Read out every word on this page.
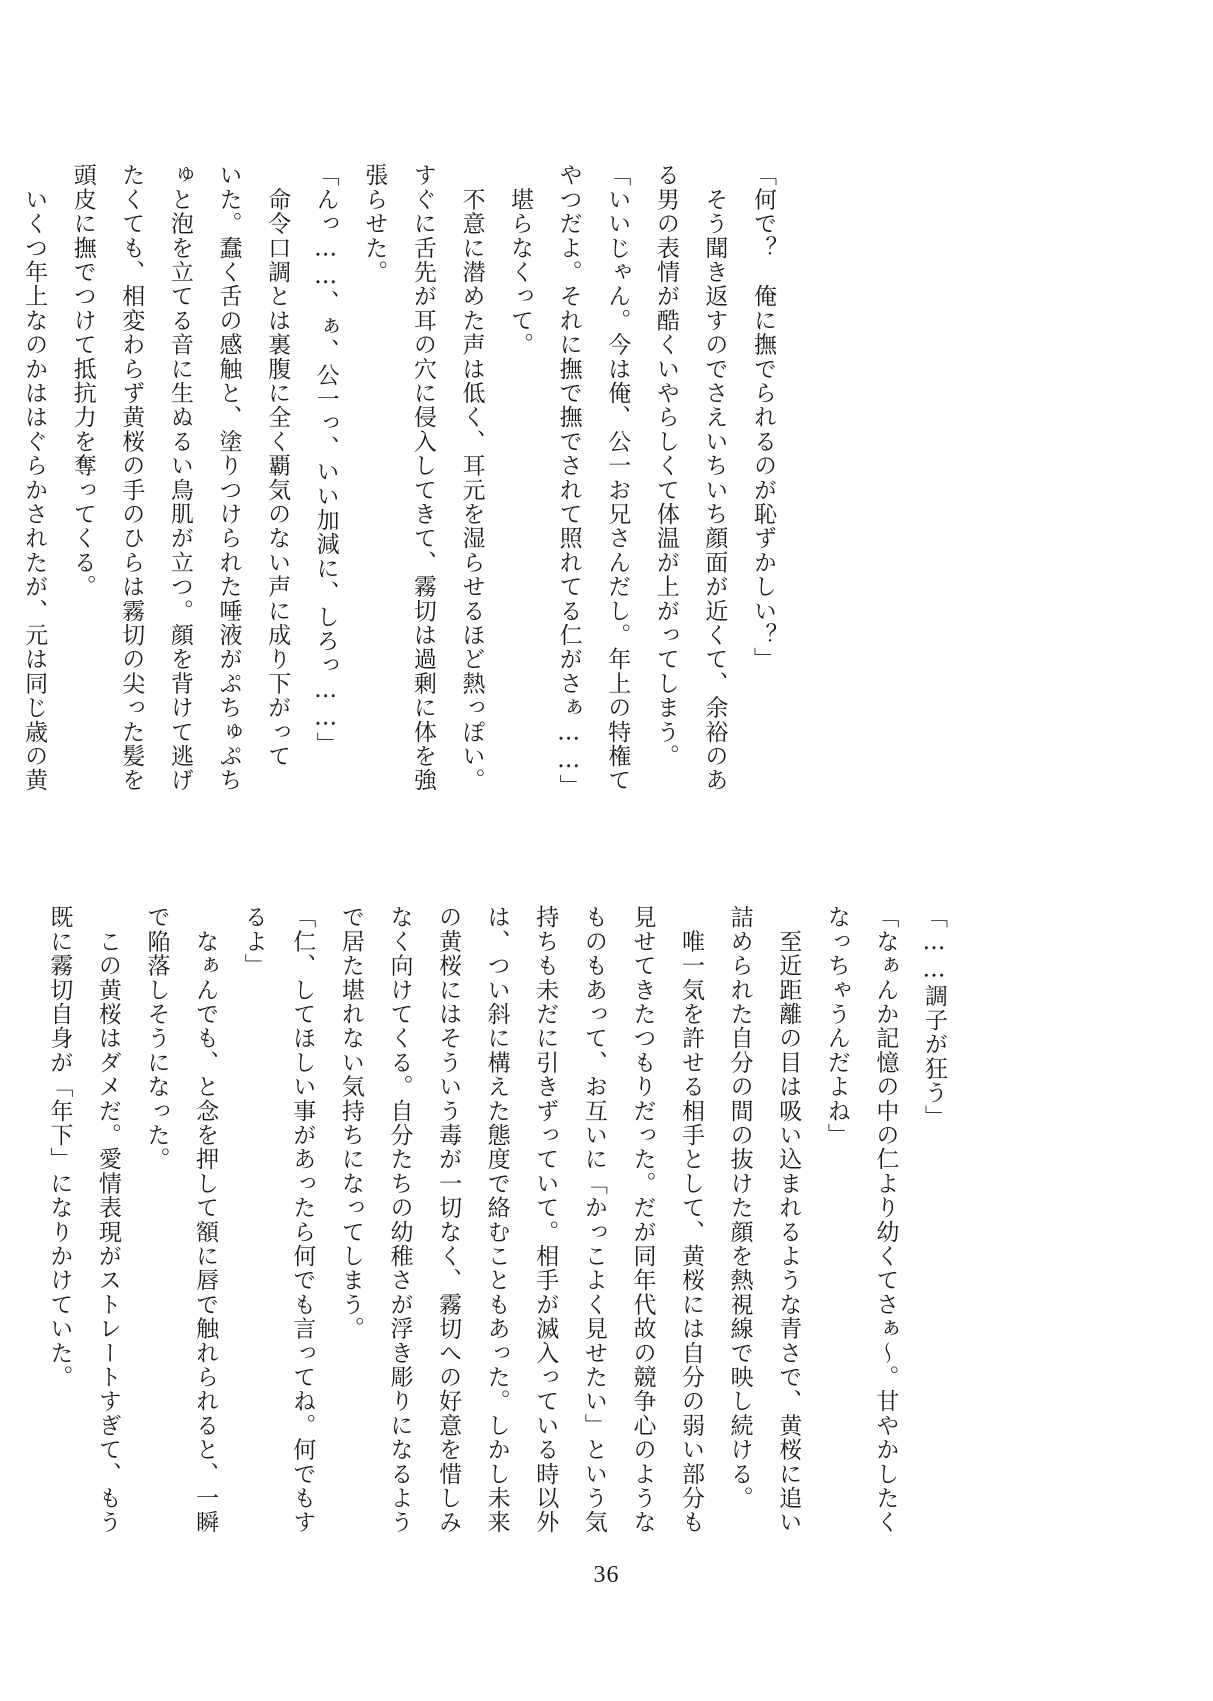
「何で？　俺に撫でられるのが恥ずかしい？」
　そう聞き返すのでさえいちいち顔面が近くて、余裕のあ
る男の表情が酷くいやらしくて体温が上がってしまう。
「いいじゃん。今は俺、公一お兄さんだし。年上の特権て
やつだよ。それに撫で撫でされて照れてる仁がさぁ……」
　堪らなくって。
　不意に潜めた声は低く、耳元を湿らせるほど熱っぽい。
すぐに舌先が耳の穴に侵入してきて、霧切は過剰に体を強
張らせた。
「んっ……、ぁ、公一っ、いい加減に、しろっ……」
　命令口調とは裏腹に全く覇気のない声に成り下がって
いた。蠢く舌の感触と、塗りつけられた唾液がぷちゅぷち
ゅと泡を立てる音に生ぬるい鳥肌が立つ。顔を背けて逃げ
たくても、相変わらず黄桜の手のひらは霧切の尖った髪を
頭皮に撫でつけて抵抗力を奪ってくる。
　いくつ年上なのかははぐらかされたが、元は同じ歳の黄
「……調子が狂う」
「なぁんか記憶の中の仁より幼くてさぁ～。甘やかしたく
なっちゃうんだよね」
　至近距離の目は吸い込まれるような青さで、黄桜に追い
詰められた自分の間の抜けた顔を熱視線で映し続ける。
　唯一気を許せる相手として、黄桜には自分の弱い部分も
見せてきたつもりだった。だが同年代故の競争心のような
ものもあって、お互いに「かっこよく見せたい」という気
持ちも未だに引きずっていて。相手が滅入っている時以外
は、つい斜に構えた態度で絡むこともあった。しかし未来
の黄桜にはそういう毒が一切なく、霧切への好意を惜しみ
なく向けてくる。自分たちの幼稚さが浮き彫りになるよう
で居た堪れない気持ちになってしまう。
「仁、してほしい事があったら何でも言ってね。何でもす
るよ」
　なぁんでも、と念を押して額に唇で触れられると、一瞬
で陥落しそうになった。
　この黄桜はダメだ。愛情表現がストレートすぎて、もう
既に霧切自身が「年下」になりかけていた。
36
